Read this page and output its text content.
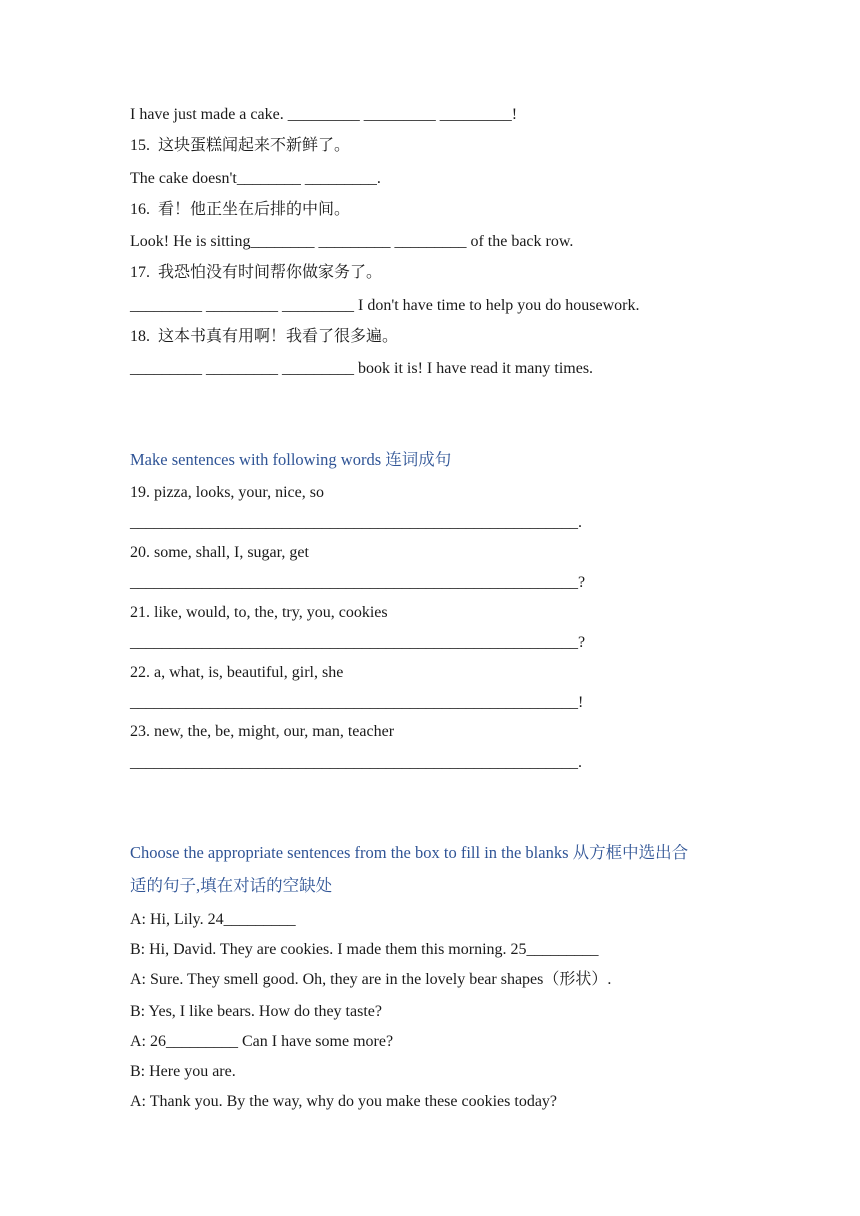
I have just made a cake. _________ _________ _________!

15. 这块蛋糕闻起来不新鲜了。

The cake doesn't________ _________.

16. 看！他正坐在后排的中间。

Look! He is sitting________ _________ _________ of the back row.

17. 我恐怕没有时间帮你做家务了。

_________ _________ _________ I don't have time to help you do housework.

18. 这本书真有用啊！我看了很多遍。

_________ _________ _________ book it is! I have read it many times.

Make sentences with following words 连词成句

19. pizza, looks, your, nice, so

________________________________________________________.

20. some, shall, I, sugar, get

________________________________________________________?

21. like, would, to, the, try, you, cookies

________________________________________________________?

22. a, what, is, beautiful, girl, she

________________________________________________________!

23. new, the, be, might, our, man, teacher

________________________________________________________.

Choose the appropriate sentences from the box to fill in the blanks 从方框中选出合

适的句子,填在对话的空缺处

A: Hi, Lily. 24_________

B: Hi, David. They are cookies. I made them this morning. 25_________

A: Sure. They smell good. Oh, they are in the lovely bear shapes（形状）.

B: Yes, I like bears. How do they taste?

A: 26_________ Can I have some more?

B: Here you are.

A: Thank you. By the way, why do you make these cookies today?
